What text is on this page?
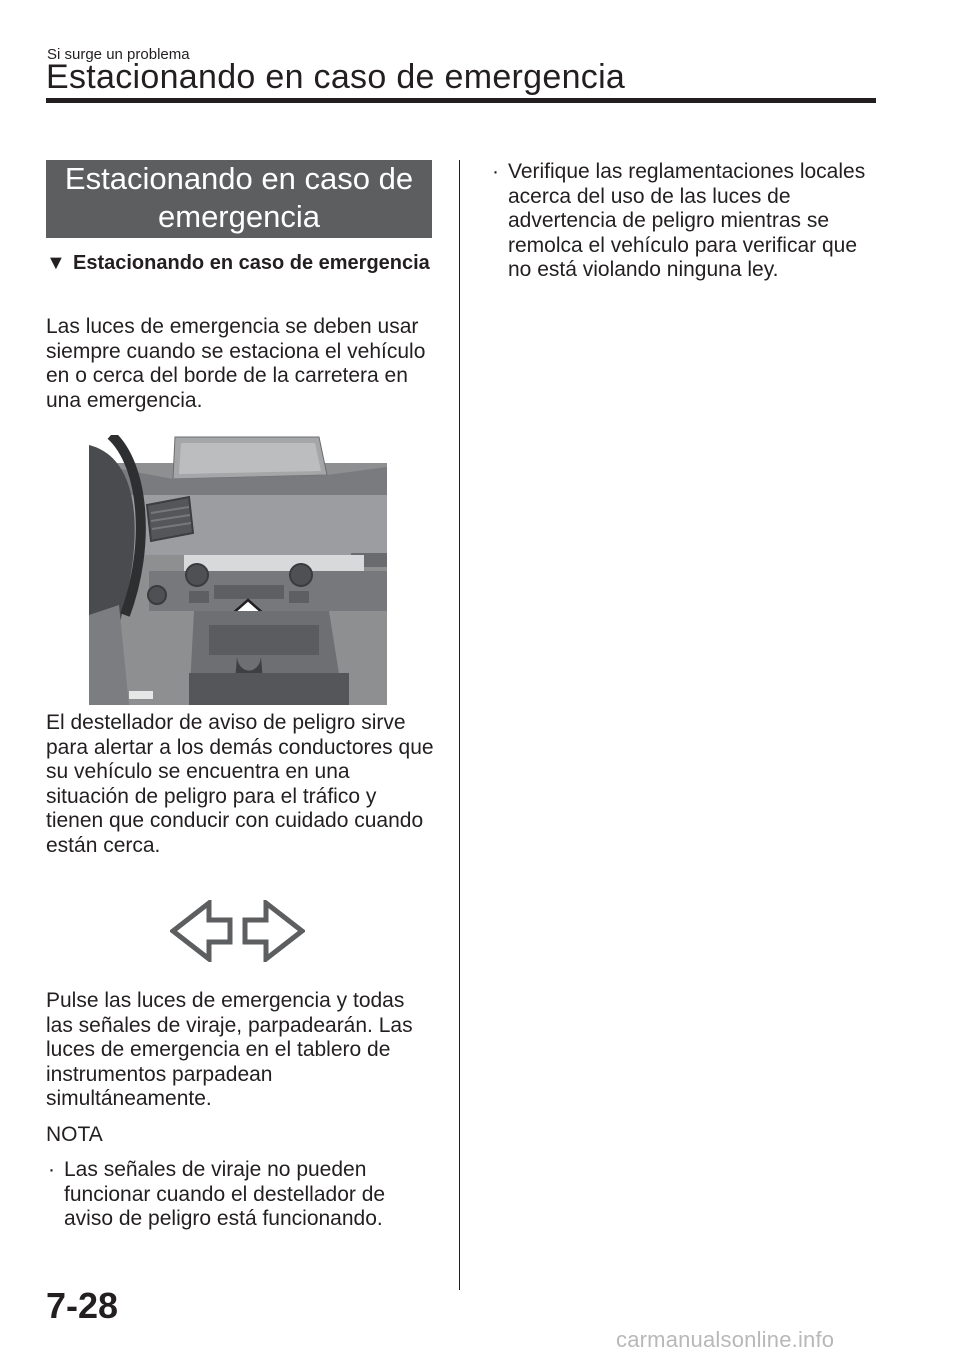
Si surge un problema
Estacionando en caso de emergencia
Estacionando en caso de
emergencia
▼ Estacionando en caso de emergencia
Las luces de emergencia se deben usar siempre cuando se estaciona el vehículo en o cerca del borde de la carretera en una emergencia.
El destellador de aviso de peligro sirve para alertar a los demás conductores que su vehículo se encuentra en una situación de peligro para el tráfico y tienen que conducir con cuidado cuando están cerca.
Pulse las luces de emergencia y todas las señales de viraje, parpadearán. Las luces de emergencia en el tablero de instrumentos parpadean simultáneamente.
NOTA
· Las señales de viraje no pueden funcionar cuando el destellador de aviso de peligro está funcionando.
· Verifique las reglamentaciones locales acerca del uso de las luces de advertencia de peligro mientras se remolca el vehículo para verificar que no está violando ninguna ley.
7-28
carmanualsonline.info
